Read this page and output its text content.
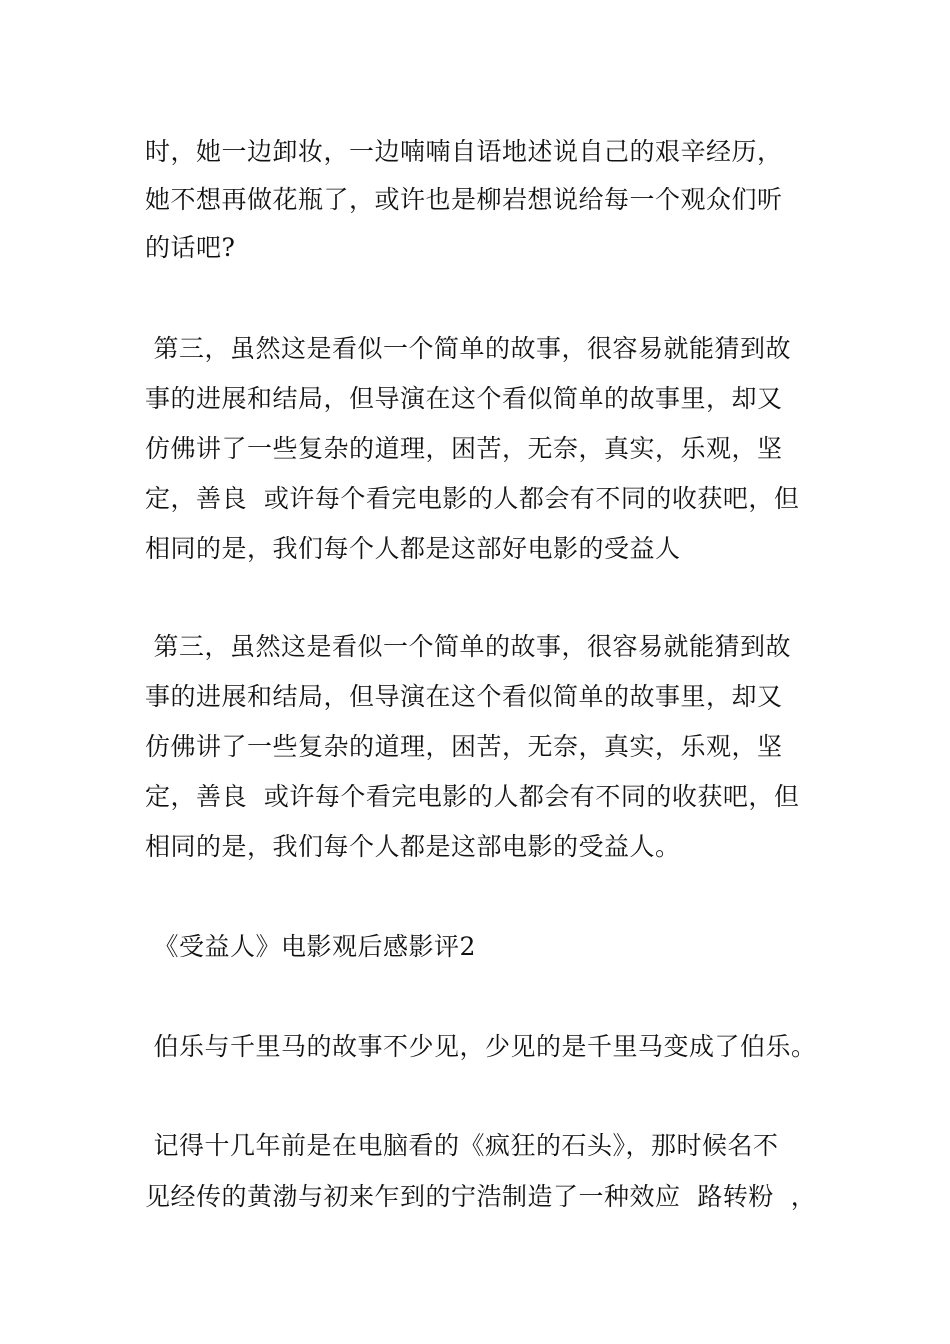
时，她一边卸妆，一边喃喃自语地述说自己的艰辛经历，
她不想再做花瓶了，或许也是柳岩想说给每一个观众们听
的话吧?
第三，虽然这是看似一个简单的故事，很容易就能猜到故
事的进展和结局，但导演在这个看似简单的故事里，却又
仿佛讲了一些复杂的道理，困苦，无奈，真实，乐观，坚
定，善良  或许每个看完电影的人都会有不同的收获吧，但
相同的是，我们每个人都是这部好电影的受益人
第三，虽然这是看似一个简单的故事，很容易就能猜到故
事的进展和结局，但导演在这个看似简单的故事里，却又
仿佛讲了一些复杂的道理，困苦，无奈，真实，乐观，坚
定，善良  或许每个看完电影的人都会有不同的收获吧，但
相同的是，我们每个人都是这部电影的受益人。
《受益人》电影观后感影评2
伯乐与千里马的故事不少见，少见的是千里马变成了伯乐。
记得十几年前是在电脑看的《疯狂的石头》，那时候名不
见经传的黄渤与初来乍到的宁浩制造了一种效应  路转粉  ，
